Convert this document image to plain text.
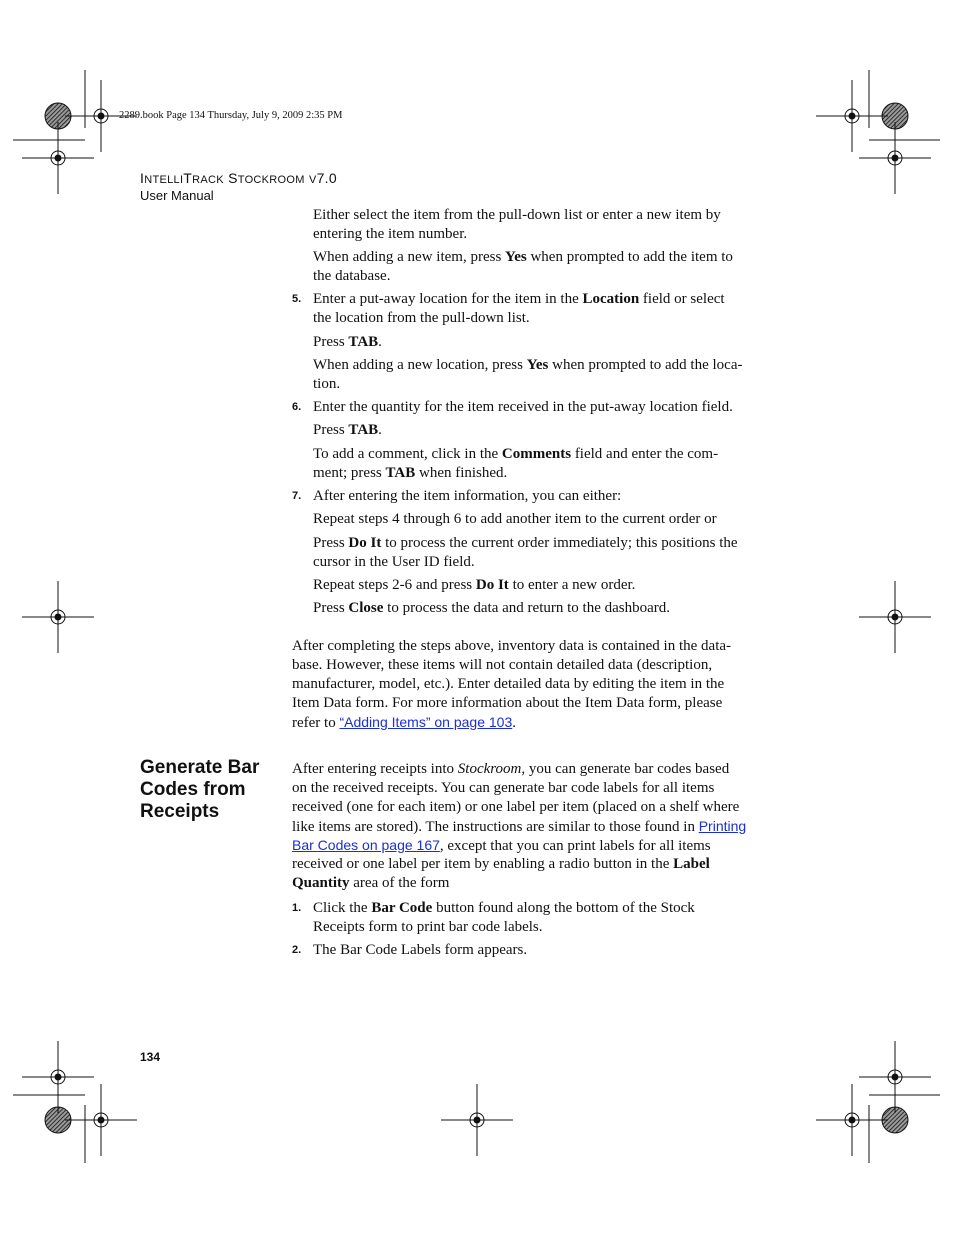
2289.book Page 134 Thursday, July 9, 2009 2:35 PM
INTELLITRACK STOCKROOM V7.0
User Manual
Either select the item from the pull-down list or enter a new item by
entering the item number.
When adding a new item, press Yes when prompted to add the item to
the database.
5. Enter a put-away location for the item in the Location field or select
the location from the pull-down list.
Press TAB.
When adding a new location, press Yes when prompted to add the loca-
tion.
6. Enter the quantity for the item received in the put-away location field.
Press TAB.
To add a comment, click in the Comments field and enter the com-
ment; press TAB when finished.
7. After entering the item information, you can either:
Repeat steps 4 through 6 to add another item to the current order or
Press Do It to process the current order immediately; this positions the
cursor in the User ID field.
Repeat steps 2-6 and press Do It to enter a new order.
Press Close to process the data and return to the dashboard.
After completing the steps above, inventory data is contained in the data-
base. However, these items will not contain detailed data (description,
manufacturer, model, etc.). Enter detailed data by editing the item in the
Item Data form. For more information about the Item Data form, please
refer to “Adding Items” on page 103.
After entering receipts into Stockroom, you can generate bar codes based
on the received receipts. You can generate bar code labels for all items
received (one for each item) or one label per item (placed on a shelf where
like items are stored). The instructions are similar to those found in Printing
Bar Codes on page 167, except that you can print labels for all items
received or one label per item by enabling a radio button in the Label
Quantity area of the form
1. Click the Bar Code button found along the bottom of the Stock
Receipts form to print bar code labels.
2. The Bar Code Labels form appears.
Generate Bar
Codes from
Receipts
134
